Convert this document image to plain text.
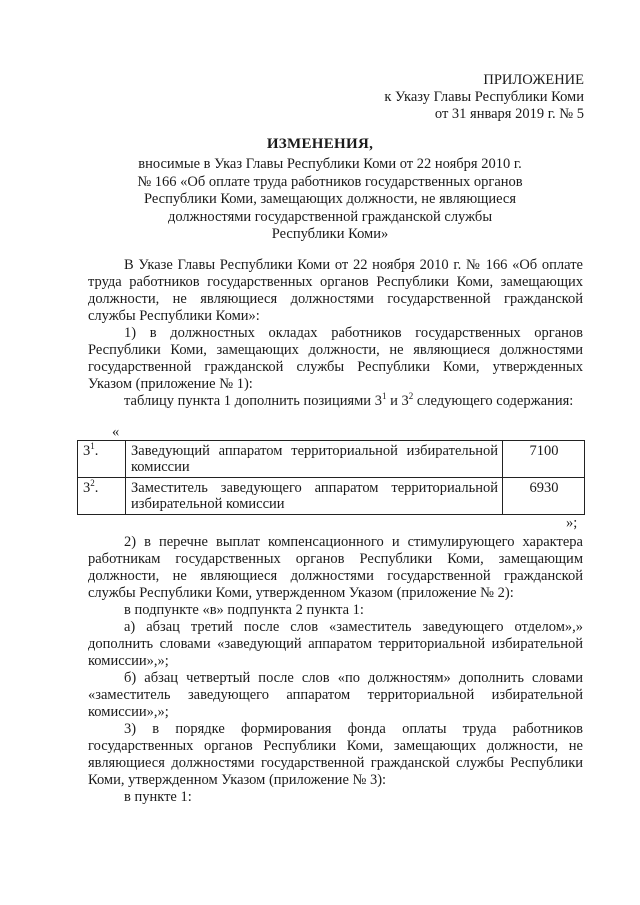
ПРИЛОЖЕНИЕ
к Указу Главы Республики Коми
от 31 января 2019 г. № 5
ИЗМЕНЕНИЯ,
вносимые в Указ Главы Республики Коми от 22 ноября 2010 г.
№ 166 «Об оплате труда работников государственных органов
Республики Коми, замещающих должности, не являющиеся
должностями государственной гражданской службы
Республики Коми»

В Указе Главы Республики Коми от 22 ноября 2010 г. № 166 «Об оплате труда работников государственных органов Республики Коми, замещающих должности, не являющиеся должностями государственной гражданской службы Республики Коми»:

1) в должностных окладах работников государственных органов Республики Коми, замещающих должности, не являющиеся должностями государственной гражданской службы Республики Коми, утвержденных Указом (приложение № 1):

таблицу пункта 1 дополнить позициями $3^1$ и $3^2$ следующего содержания:

«
$3^1$.	Заведующий аппаратом территориальной избирательной комиссии	7100
$3^2$.	Заместитель заведующего аппаратом территориальной избирательной комиссии	6930
»;

2) в перечне выплат компенсационного и стимулирующего характера работникам государственных органов Республики Коми, замещающим должности, не являющиеся должностями государственной гражданской службы Республики Коми, утвержденном Указом (приложение № 2):

в подпункте «в» подпункта 2 пункта 1:

а) абзац третий после слов «заместитель заведующего отделом»,» дополнить словами «заведующий аппаратом территориальной избирательной комиссии»,»;

б) абзац четвертый после слов «по должностям» дополнить словами «заместитель заведующего аппаратом территориальной избирательной комиссии»,»;

3) в порядке формирования фонда оплаты труда работников государственных органов Республики Коми, замещающих должности, не являющиеся должностями государственной гражданской службы Республики Коми, утвержденном Указом (приложение № 3):

в пункте 1:
